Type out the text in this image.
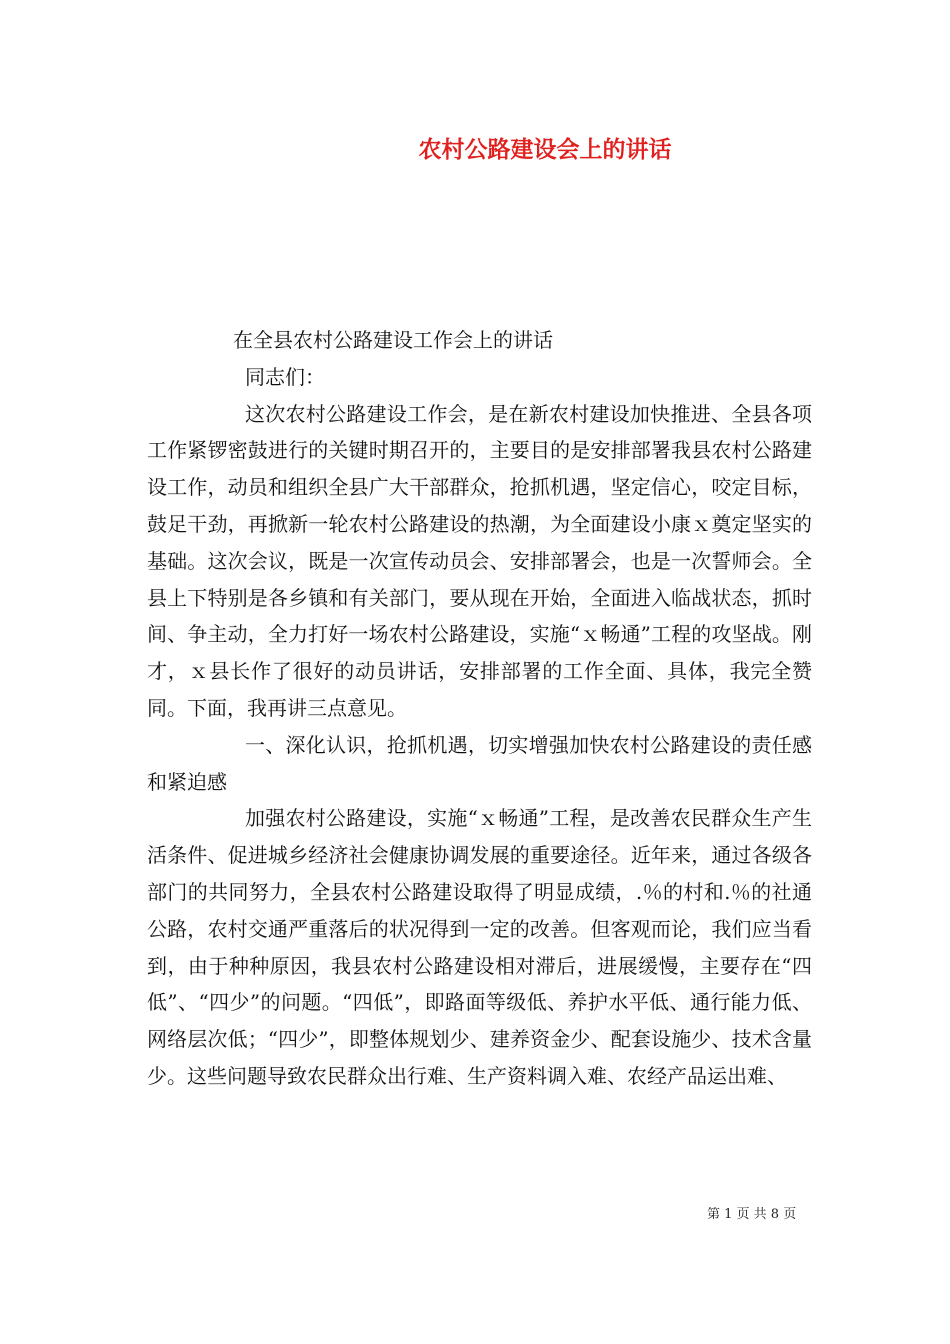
农村公路建设会上的讲话

在全县农村公路建设工作会上的讲话

同志们：

这次农村公路建设工作会，是在新农村建设加快推进、全县各项工作紧锣密鼓进行的关键时期召开的，主要目的是安排部署我县农村公路建设工作，动员和组织全县广大干部群众，抢抓机遇，坚定信心，咬定目标，鼓足干劲，再掀新一轮农村公路建设的热潮，为全面建设小康ｘ奠定坚实的基础。这次会议，既是一次宣传动员会、安排部署会，也是一次誓师会。全县上下特别是各乡镇和有关部门，要从现在开始，全面进入临战状态，抓时间、争主动，全力打好一场农村公路建设，实施“ｘ畅通”工程的攻坚战。刚才，ｘ县长作了很好的动员讲话，安排部署的工作全面、具体，我完全赞同。下面，我再讲三点意见。

一、深化认识，抢抓机遇，切实增强加快农村公路建设的责任感和紧迫感

加强农村公路建设，实施“ｘ畅通”工程，是改善农民群众生产生活条件、促进城乡经济社会健康协调发展的重要途径。近年来，通过各级各部门的共同努力，全县农村公路建设取得了明显成绩，.％的村和.％的社通公路，农村交通严重落后的状况得到一定的改善。但客观而论，我们应当看到，由于种种原因，我县农村公路建设相对滞后，进展缓慢，主要存在“四低”、“四少”的问题。“四低”，即路面等级低、养护水平低、通行能力低、网络层次低；“四少”，即整体规划少、建养资金少、配套设施少、技术含量少。这些问题导致农民群众出行难、生产资料调入难、农经产品运出难、

第 1 页 共 8 页
